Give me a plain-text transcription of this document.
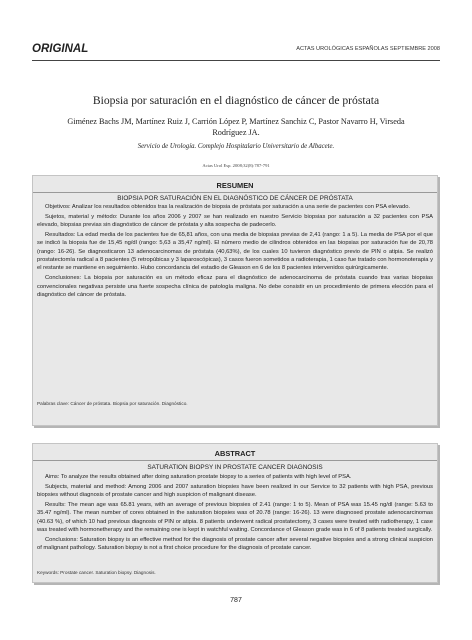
ORIGINAL	ACTAS UROLÓGICAS ESPAÑOLAS SEPTIEMBRE 2008
Biopsia por saturación en el diagnóstico de cáncer de próstata
Giménez Bachs JM, Martínez Ruiz J, Carrión López P, Martínez Sanchiz C, Pastor Navarro H, Virseda Rodríguez JA.
Servicio de Urología. Complejo Hospitalario Universitario de Albacete.
Actas Urol Esp. 2008;32(8):787-791
RESUMEN
BIOPSIA POR SATURACIÓN EN EL DIAGNÓSTICO DE CÁNCER DE PRÓSTATA

Objetivos: Analizar los resultados obtenidos tras la realización de biopsia de próstata por saturación a una serie de pacientes con PSA elevado.

Sujetos, material y método: Durante los años 2006 y 2007 se han realizado en nuestro Servicio biopsias por saturación a 32 pacientes con PSA elevado, biopsias previas sin diagnóstico de cáncer de próstata y alta sospecha de padecerlo.

Resultados: La edad media de los pacientes fue de 65,81 años, con una media de biopsias previas de 2,41 (rango: 1 a 5). La media de PSA por el que se indicó la biopsia fue de 15,45 ng/dl (rango: 5,63 a 35,47 ng/ml). El número medio de cilindros obtenidos en las biopsias por saturación fue de 20,78 (rango: 16-26). Se diagnosticaron 13 adenocarcinomas de próstata (40,63%), de los cuales 10 tuvieron diagnóstico previo de PIN o atipia. Se realizó prostatectomía radical a 8 pacientes (5 retropúbicas y 3 laparoscópicas), 3 casos fueron sometidos a radioterapia, 1 caso fue tratado con hormonoterapia y el restante se mantiene en seguimiento. Hubo concordancia del estadio de Gleason en 6 de los 8 pacientes intervenidos quirúrgicamente.

Conclusiones: La biopsia por saturación es un método eficaz para el diagnóstico de adenocarcinoma de próstata cuando tras varias biopsias convencionales negativas persiste una fuerte sospecha clínica de patología maligna. No debe consistir en un procedimiento de primera elección para el diagnóstico del cáncer de próstata.

Palabras clave: Cáncer de próstata. Biopsia por saturación. Diagnóstico.
ABSTRACT
SATURATION BIOPSY IN PROSTATE CANCER DIAGNOSIS

Aims: To analyze the results obtained after doing saturation prostate biopsy to a series of patients with high level of PSA.

Subjects, material and method: Among 2006 and 2007 saturation biopsies have been realized in our Service to 32 patients with high PSA, previous biopsies without diagnosis of prostate cancer and high suspicion of malignant disease.

Results: The mean age was 65.81 years, with an average of previous biopsies of 2.41 (range: 1 to 5). Mean of PSA was 15.45 ng/dl (range: 5.63 to 35.47 ng/ml). The mean number of cores obtained in the saturation biopsies was of 20.78 (range: 16-26). 13 were diagnosed prostate adenocarcinomas (40.63 %), of which 10 had previous diagnosis of PIN or atipia. 8 patients underwent radical prostatectomy, 3 cases were treated with radiotherapy, 1 case was treated with hormonetherapy and the remaining one is kept in watchful waiting. Concordance of Gleason grade was in 6 of 8 patients treated surgically.

Conclusions: Saturation biopsy is an effective method for the diagnosis of prostate cancer after several negative biopsies and a strong clinical suspicion of malignant pathology. Saturation biopsy is not a first choice procedure for the diagnosis of prostate cancer.

Keywords: Prostate cancer. Saturation biopsy. Diagnosis.
787
